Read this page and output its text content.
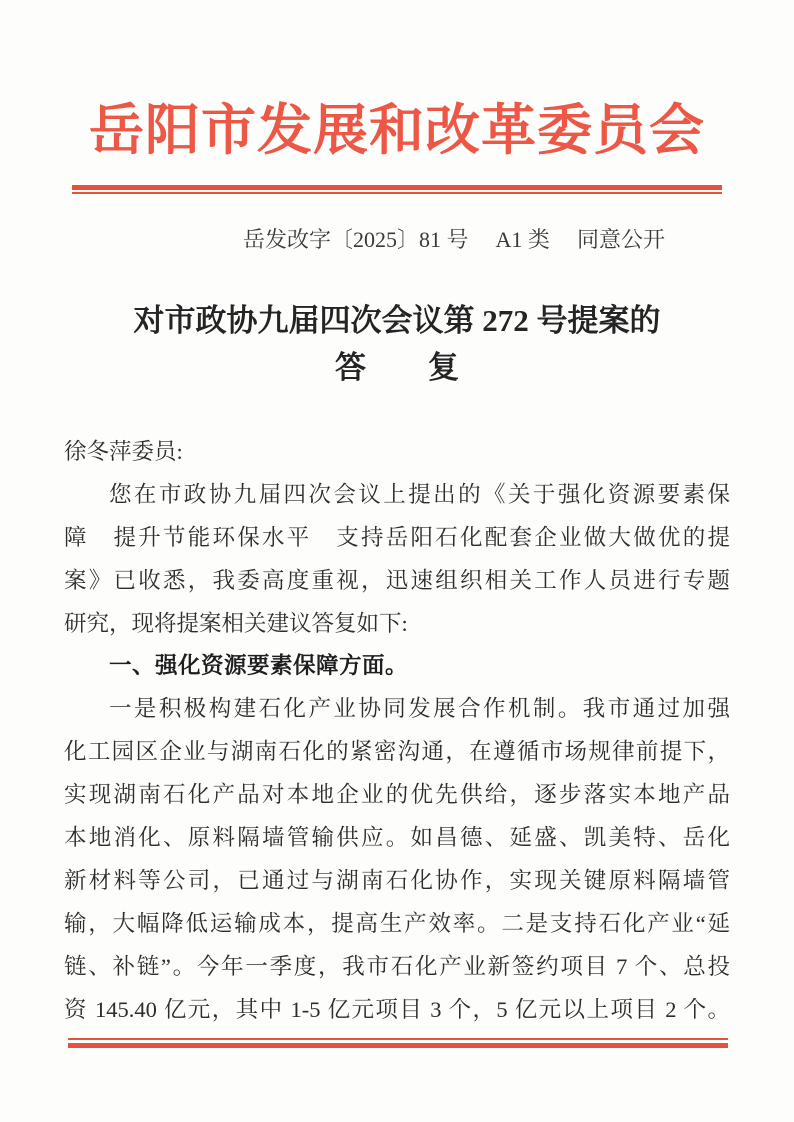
岳阳市发展和改革委员会
岳发改字〔2025〕81 号 A1 类 同意公开
对市政协九届四次会议第 272 号提案的
答　　复
徐冬萍委员:
您在市政协九届四次会议上提出的《关于强化资源要素保
障　提升节能环保水平　支持岳阳石化配套企业做大做优的提
案》已收悉，我委高度重视，迅速组织相关工作人员进行专题
研究，现将提案相关建议答复如下:
一、强化资源要素保障方面。
一是积极构建石化产业协同发展合作机制。我市通过加强
化工园区企业与湖南石化的紧密沟通，在遵循市场规律前提下，
实现湖南石化产品对本地企业的优先供给，逐步落实本地产品
本地消化、原料隔墙管输供应。如昌德、延盛、凯美特、岳化
新材料等公司，已通过与湖南石化协作，实现关键原料隔墙管
输，大幅降低运输成本，提高生产效率。二是支持石化产业“延
链、补链”。今年一季度，我市石化产业新签约项目 7 个、总投
资 145.40 亿元，其中 1-5 亿元项目 3 个，5 亿元以上项目 2 个。
